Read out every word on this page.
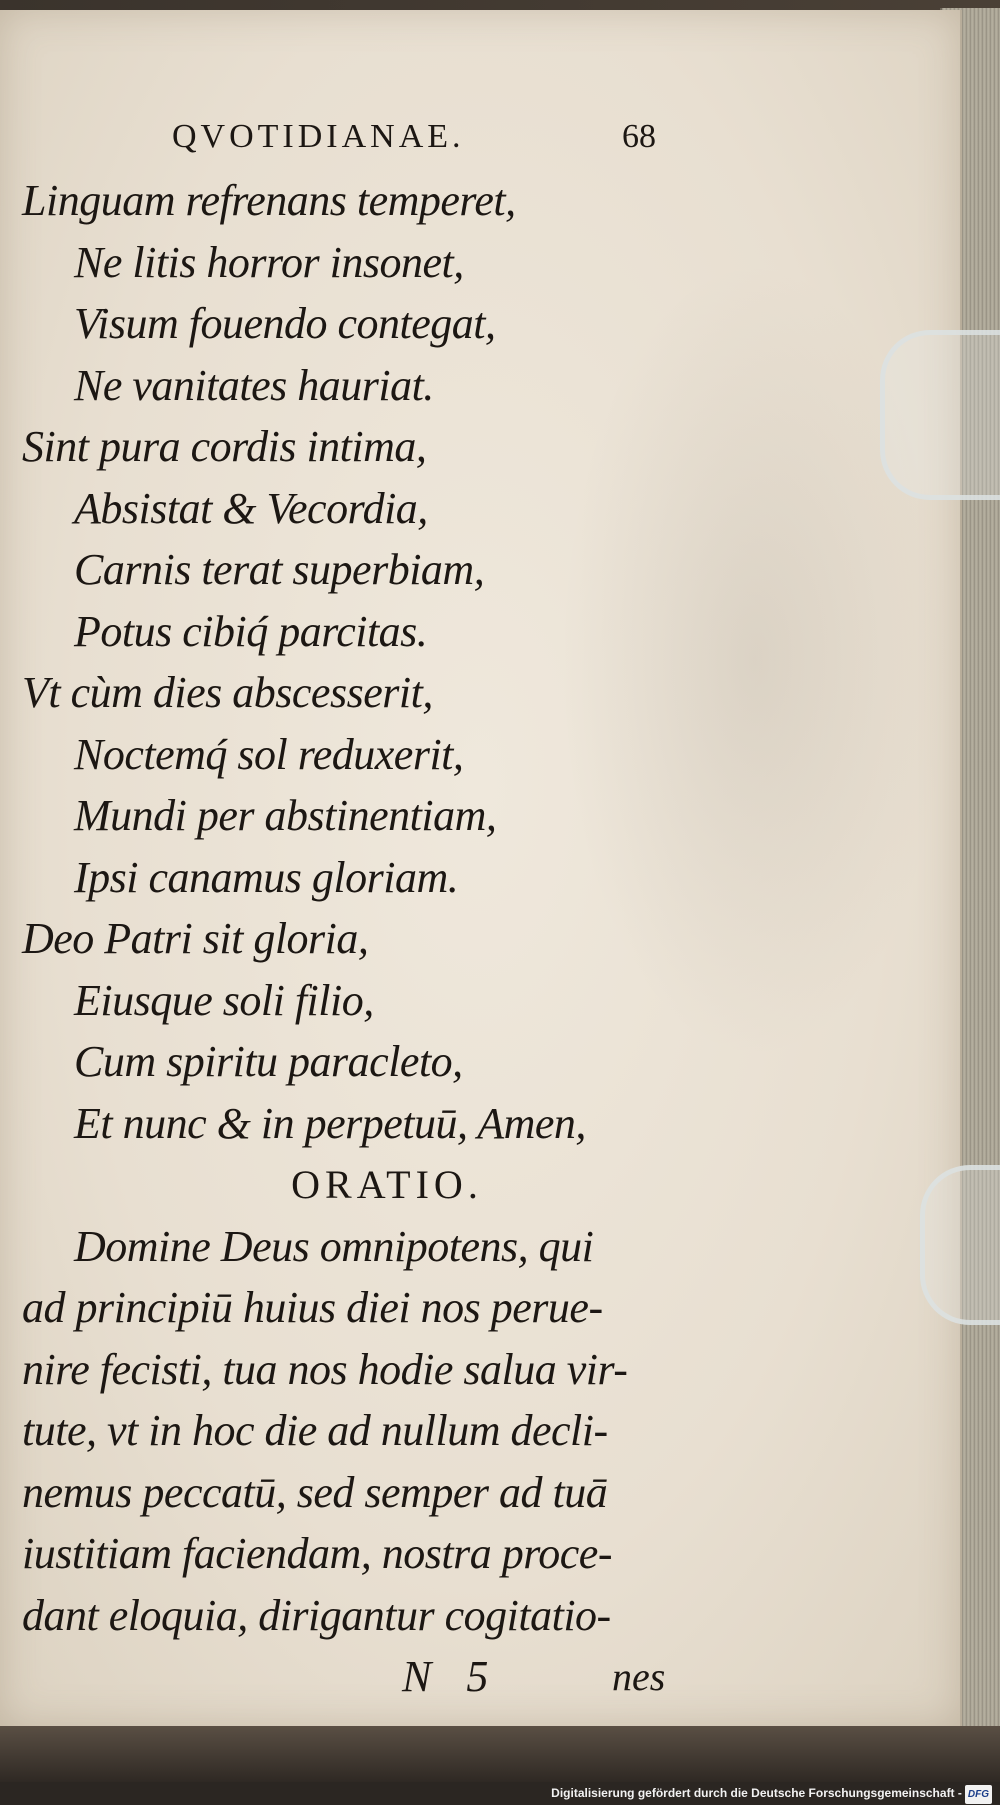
QVOTIDIANAE.	68
Linguam refrenans temperet,
Ne litis horror insonet,
Visum fouendo contegat,
Ne vanitates hauriat.
Sint pura cordis intima,
Absistat & Vecordia,
Carnis terat superbiam,
Potus cibiq́ parcitas.
Vt cùm dies abscesserit,
Noctemq́ sol reduxerit,
Mundi per abstinentiam,
Ipsi canamus gloriam.
Deo Patri sit gloria,
Eiusque soli filio,
Cum spiritu paracleto,
Et nunc & in perpetuū, Amen,
ORATIO.
Domine Deus omnipotens, qui
ad principiū huius diei nos perue-
nire fecisti, tua nos hodie salua vir-
tute, vt in hoc die ad nullum decli-
nemus peccatū, sed semper ad tuā
iustitiam faciendam, nostra proce-
dant eloquia, dirigantur cogitatio-
N 5	nes
Digitalisierung gefördert durch die Deutsche Forschungsgemeinschaft - DFG
